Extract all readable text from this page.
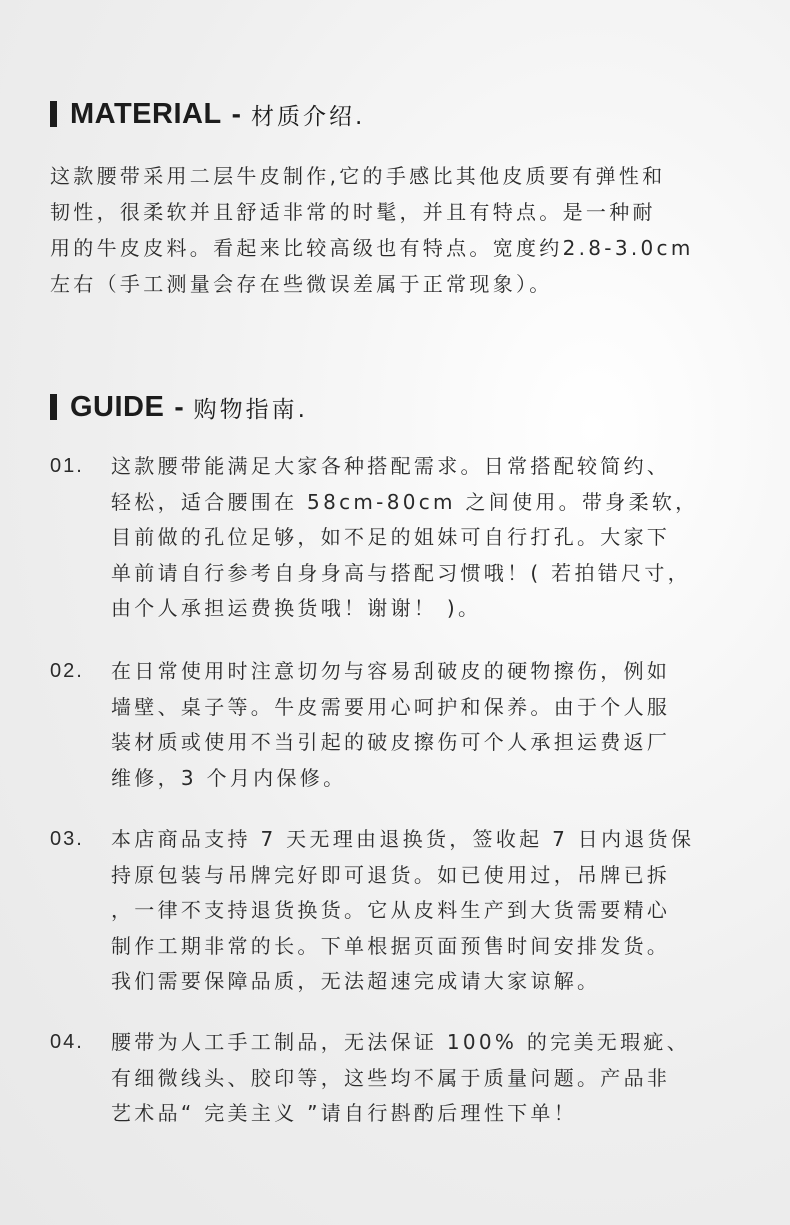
MATERIAL - 材质介绍.
这款腰带采用二层牛皮制作,它的手感比其他皮质要有弹性和
韧性，很柔软并且舒适非常的时髦，并且有特点。是一种耐
用的牛皮皮料。看起来比较高级也有特点。宽度约2.8-3.0cm
左右（手工测量会存在些微误差属于正常现象）。
GUIDE - 购物指南.
01. 这款腰带能满足大家各种搭配需求。日常搭配较简约、
轻松，适合腰围在 58cm-80cm 之间使用。带身柔软，
目前做的孔位足够，如不足的姐妹可自行打孔。大家下
单前请自行参考自身身高与搭配习惯哦！( 若拍错尺寸，
由个人承担运费换货哦！谢谢！ )。
02. 在日常使用时注意切勿与容易刮破皮的硬物擦伤，例如
墙壁、桌子等。牛皮需要用心呵护和保养。由于个人服
装材质或使用不当引起的破皮擦伤可个人承担运费返厂
维修，3 个月内保修。
03. 本店商品支持 7 天无理由退换货，签收起 7 日内退货保
持原包装与吊牌完好即可退货。如已使用过，吊牌已拆
，一律不支持退货换货。它从皮料生产到大货需要精心
制作工期非常的长。下单根据页面预售时间安排发货。
我们需要保障品质，无法超速完成请大家谅解。
04. 腰带为人工手工制品，无法保证 100% 的完美无瑕疵、
有细微线头、胶印等，这些均不属于质量问题。产品非
艺术品“ 完美主义 ”请自行斟酌后理性下单！
